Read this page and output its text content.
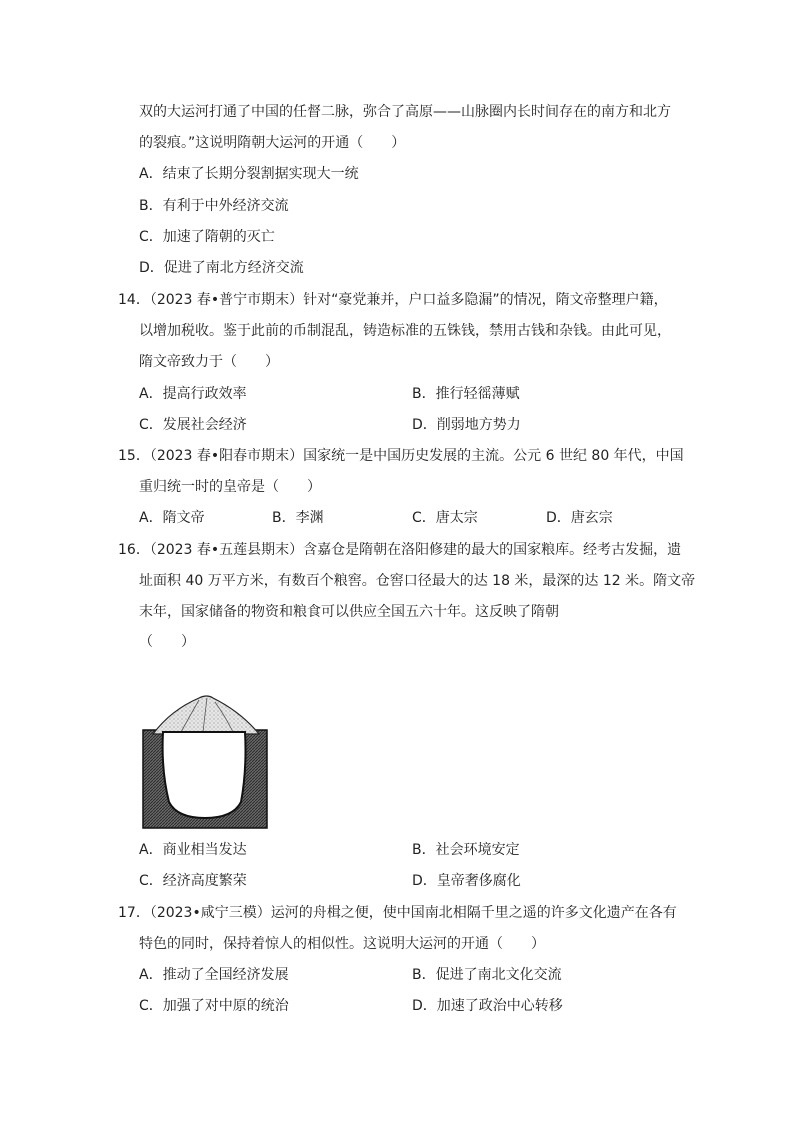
双的大运河打通了中国的任督二脉，弥合了高原——山脉圈内长时间存在的南方和北方
的裂痕。”这说明隋朝大运河的开通（　　）
A．结束了长期分裂割据实现大一统
B．有利于中外经济交流
C．加速了隋朝的灭亡
D．促进了南北方经济交流
14．（2023 春•普宁市期末）针对“豪党兼并，户口益多隐漏”的情况，隋文帝整理户籍，
以增加税收。鉴于此前的币制混乱，铸造标准的五铢钱，禁用古钱和杂钱。由此可见，
隋文帝致力于（　　）
A．提高行政效率	B．推行轻徭薄赋
C．发展社会经济	D．削弱地方势力
15．（2023 春•阳春市期末）国家统一是中国历史发展的主流。公元 6 世纪 80 年代，中国
重归统一时的皇帝是（　　）
A．隋文帝	B．李渊	C．唐太宗	D．唐玄宗
16．（2023 春•五莲县期末）含嘉仓是隋朝在洛阳修建的最大的国家粮库。经考古发掘，遗
址面积 40 万平方米，有数百个粮窖。仓窖口径最大的达 18 米，最深的达 12 米。隋文帝
末年，国家储备的物资和粮食可以供应全国五六十年。这反映了隋朝
（　　）
A．商业相当发达	B．社会环境安定
C．经济高度繁荣	D．皇帝奢侈腐化
17．（2023•咸宁三模）运河的舟楫之便，使中国南北相隔千里之遥的许多文化遗产在各有
特色的同时，保持着惊人的相似性。这说明大运河的开通（　　）
A．推动了全国经济发展	B．促进了南北文化交流
C．加强了对中原的统治	D．加速了政治中心转移
